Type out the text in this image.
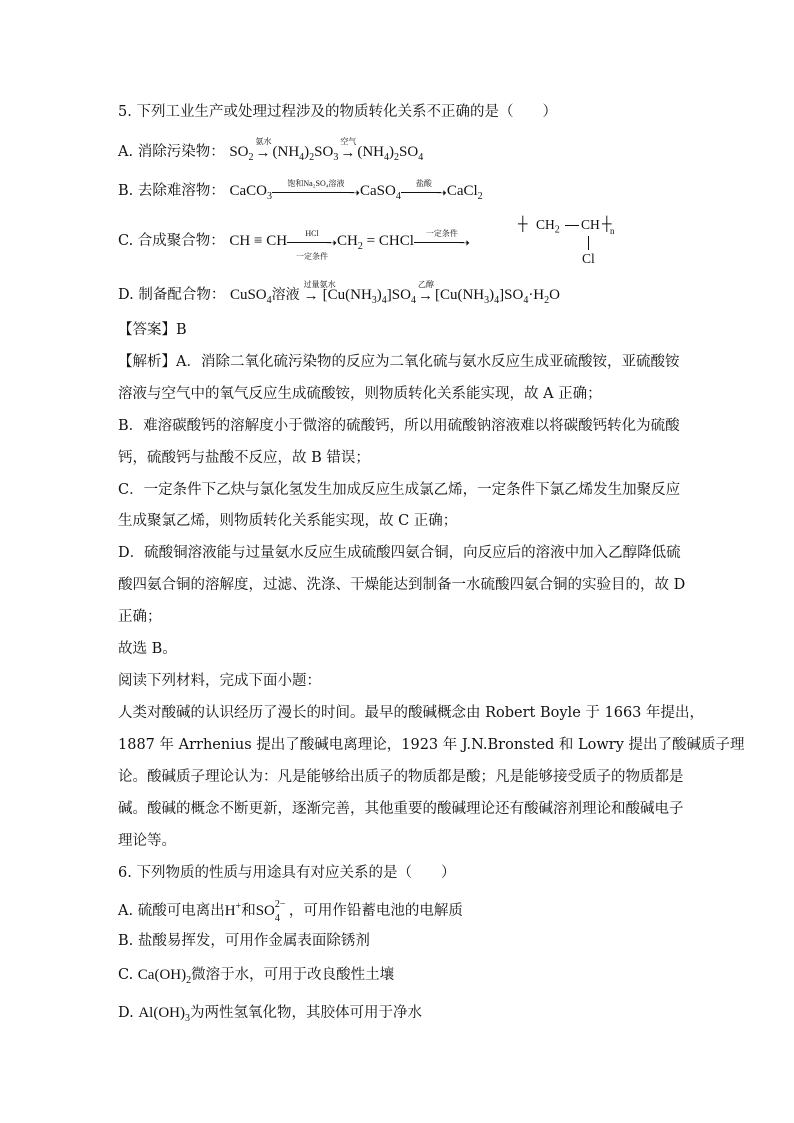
5. 下列工业生产或处理过程涉及的物质转化关系不正确的是（　　）
A. 消除污染物： $SO_2$
氨水
→ $(NH_4)_2SO_3$
空气
→ $(NH_4)_2SO_4$
B. 去除难溶物： CaCO$_3$
饱和Na₂SO₄溶液
➝ CaSO$_4$
盐酸
➝ CaCl$_2$
C. 合成聚合物： CH ≡ CH	HCl
一定条件
➝ $CH_2$ = CHCl	一定条件
➝
┼ $CH_2$ CH ┼
n
Cl
D. 制备配合物： CuSO$_4$溶液
过量氨水
→ $[Cu(NH_3)_4]SO_4$
乙醇
→ $[Cu(NH_3)_4]SO_4\cdot H_2O$
【答案】B
【解析】A．消除二氧化硫污染物的反应为二氧化硫与氨水反应生成亚硫酸铵，亚硫酸铵
溶液与空气中的氧气反应生成硫酸铵，则物质转化关系能实现，故 A 正确；
B．难溶碳酸钙的溶解度小于微溶的硫酸钙，所以用硫酸钠溶液难以将碳酸钙转化为硫酸
钙，硫酸钙与盐酸不反应，故 B 错误；
C．一定条件下乙炔与氯化氢发生加成反应生成氯乙烯，一定条件下氯乙烯发生加聚反应
生成聚氯乙烯，则物质转化关系能实现，故 C 正确；
D．硫酸铜溶液能与过量氨水反应生成硫酸四氨合铜，向反应后的溶液中加入乙醇降低硫
酸四氨合铜的溶解度，过滤、洗涤、干燥能达到制备一水硫酸四氨合铜的实验目的，故 D
正确；
故选 B。
阅读下列材料，完成下面小题：
人类对酸碱的认识经历了漫长的时间。最早的酸碱概念由 Robert Boyle 于 1663 年提出，
1887 年 Arrhenius 提出了酸碱电离理论，1923 年 J.N.Bronsted 和 Lowry 提出了酸碱质子理
论。酸碱质子理论认为：凡是能够给出质子的物质都是酸；凡是能够接受质子的物质都是
碱。酸碱的概念不断更新，逐渐完善，其他重要的酸碱理论还有酸碱溶剂理论和酸碱电子
理论等。
6. 下列物质的性质与用途具有对应关系的是（　　）
A. 硫酸可电离出H+和SO 2−
4 ，可用作铅蓄电池的电解质
B. 盐酸易挥发，可用作金属表面除锈剂
C. $Ca(OH)_2$微溶于水，可用于改良酸性土壤
D. $Al(OH)_3$为两性氢氧化物，其胶体可用于净水
